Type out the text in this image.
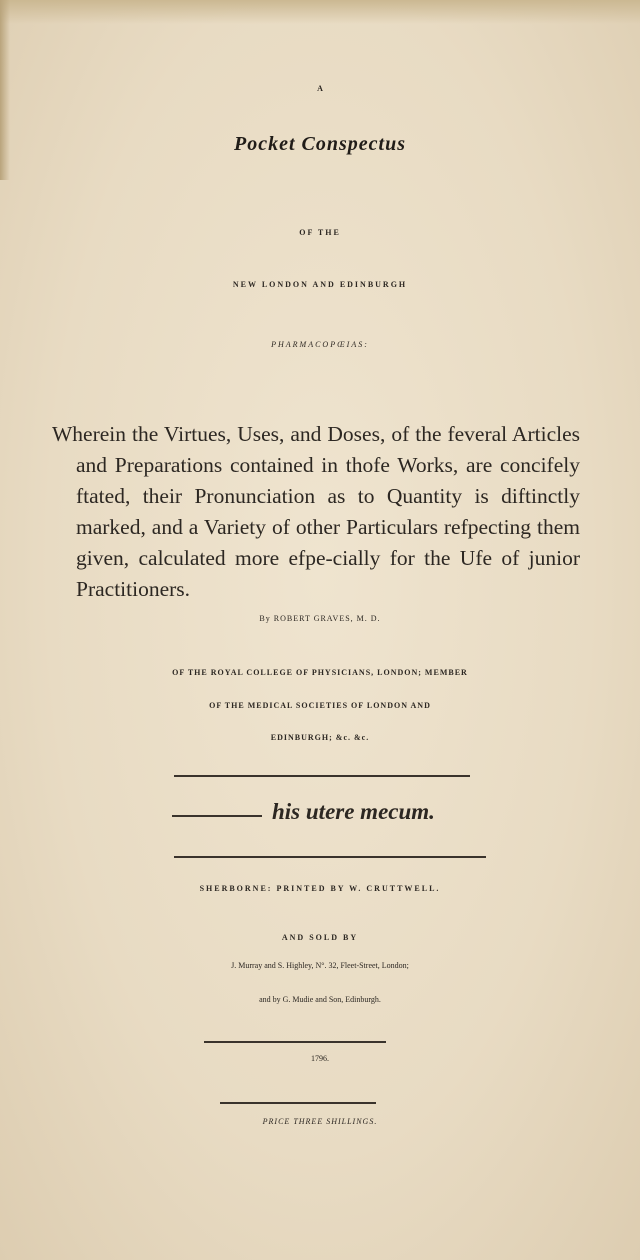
A
Pocket Conspectus
OF THE
NEW LONDON AND EDINBURGH
PHARMACOPŒIAS:
Wherein the Virtues, Uses, and Doses, of the feveral Articles and Preparations contained in thofe Works, are concifely ftated, their Pronunciation as to Quantity is diftinctly marked, and a Variety of other Particulars refpecting them given, calculated more efpe-cially for the Ufe of junior Practitioners.
By ROBERT GRAVES, M. D.
OF THE ROYAL COLLEGE OF PHYSICIANS, LONDON; MEMBER
OF THE MEDICAL SOCIETIES OF LONDON AND
EDINBURGH; &c. &c.
his utere mecum.
SHERBORNE: PRINTED BY W. CRUTTWELL.
AND SOLD BY
J. Murray and S. Highley, N°. 32, Fleet-Street, London;
and by G. Mudie and Son, Edinburgh.
1796.
PRICE THREE SHILLINGS.
